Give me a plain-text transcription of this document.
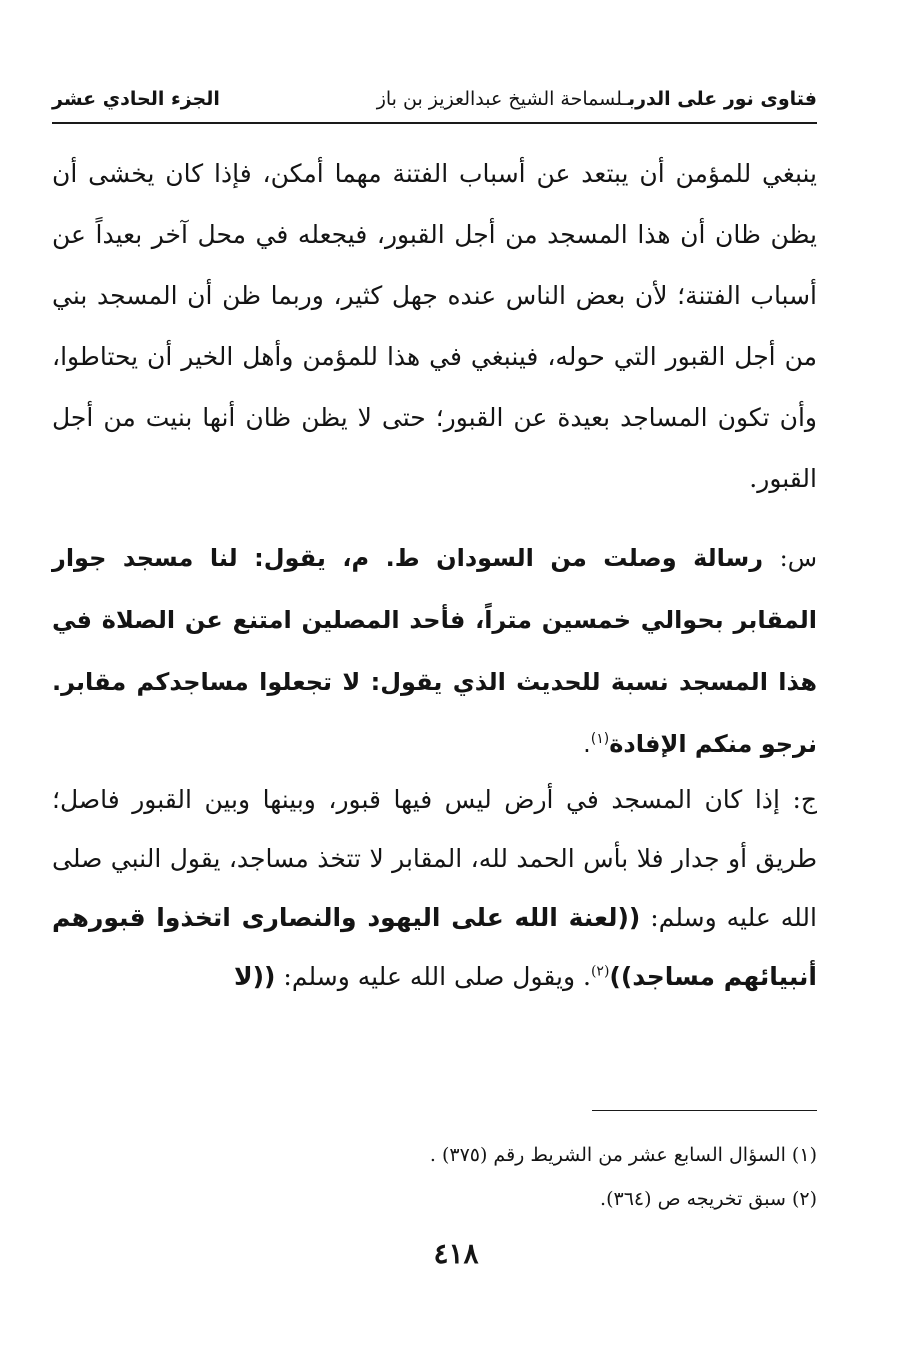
فتاوى نور على الدربـلسماحة الشيخ عبدالعزيز بن باز
الجزء الحادي عشر

ينبغي للمؤمن أن يبتعد عن أسباب الفتنة مهما أمكن، فإذا كان يخشى أن يظن ظان أن هذا المسجد من أجل القبور، فيجعله في محل آخر بعيداً عن أسباب الفتنة؛ لأن بعض الناس عنده جهل كثير، وربما ظن أن المسجد بني من أجل القبور التي حوله، فينبغي في هذا للمؤمن وأهل الخير أن يحتاطوا، وأن تكون المساجد بعيدة عن القبور؛ حتى لا يظن ظان أنها بنيت من أجل القبور.

س: رسالة وصلت من السودان ط. م، يقول: لنا مسجد جوار المقابر بحوالي خمسين متراً، فأحد المصلين امتنع عن الصلاة في هذا المسجد نسبة للحديث الذي يقول: لا تجعلوا مساجدكم مقابر. نرجو منكم الإفادة$^{(١)}$.

ج: إذا كان المسجد في أرض ليس فيها قبور، وبينها وبين القبور فاصل؛ طريق أو جدار فلا بأس الحمد لله، المقابر لا تتخذ مساجد، يقول النبي صلى الله عليه وسلم: ((لعنة الله على اليهود والنصارى اتخذوا قبورهم أنبيائهم مساجد))$^{(٢)}$. ويقول صلى الله عليه وسلم: ((لا

(١) السؤال السابع عشر من الشريط رقم (٣٧٥) .

(٢) سبق تخريجه ص (٣٦٤).

٤١٨
